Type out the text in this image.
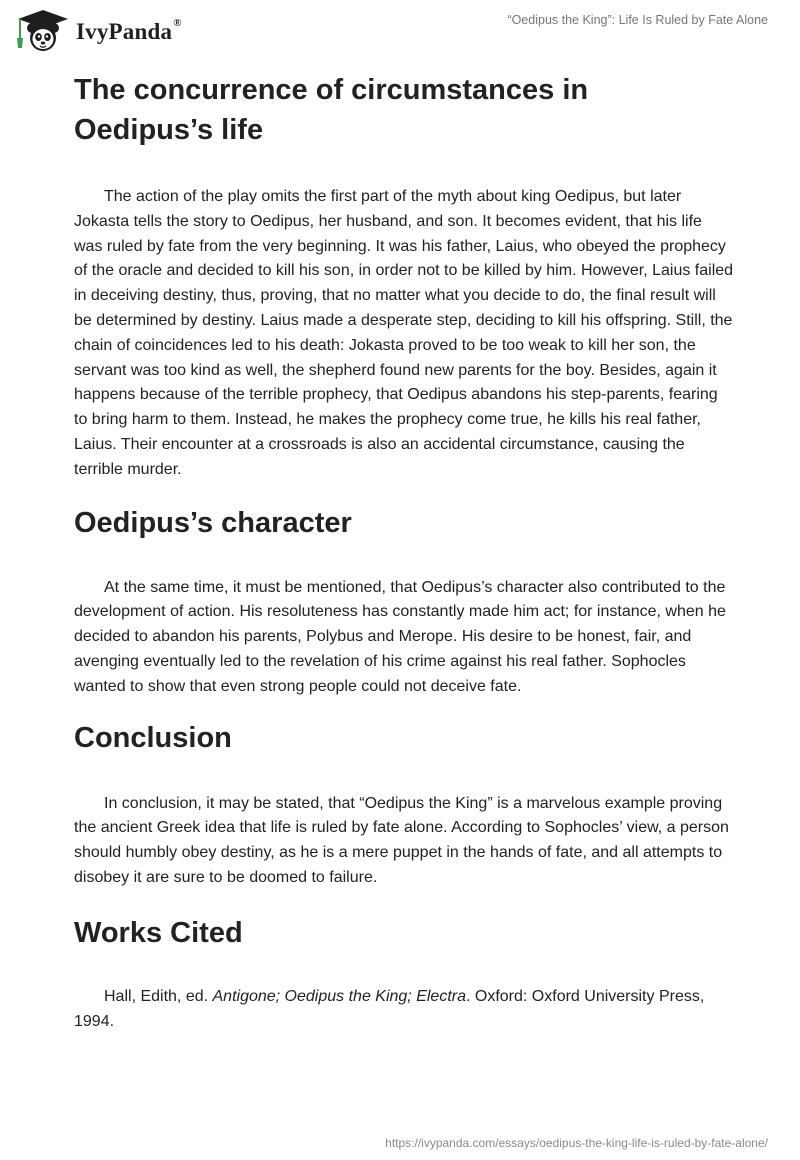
IvyPanda®	“Oedipus the King”: Life Is Ruled by Fate Alone
The concurrence of circumstances in
Oedipus’s life

The action of the play omits the first part of the myth about king Oedipus, but later Jokasta tells the story to Oedipus, her husband, and son. It becomes evident, that his life was ruled by fate from the very beginning. It was his father, Laius, who obeyed the prophecy of the oracle and decided to kill his son, in order not to be killed by him. However, Laius failed in deceiving destiny, thus, proving, that no matter what you decide to do, the final result will be determined by destiny. Laius made a desperate step, deciding to kill his offspring. Still, the chain of coincidences led to his death: Jokasta proved to be too weak to kill her son, the servant was too kind as well, the shepherd found new parents for the boy. Besides, again it happens because of the terrible prophecy, that Oedipus abandons his step-parents, fearing to bring harm to them. Instead, he makes the prophecy come true, he kills his real father, Laius. Their encounter at a crossroads is also an accidental circumstance, causing the terrible murder.

Oedipus’s character

At the same time, it must be mentioned, that Oedipus’s character also contributed to the development of action. His resoluteness has constantly made him act; for instance, when he decided to abandon his parents, Polybus and Merope. His desire to be honest, fair, and avenging eventually led to the revelation of his crime against his real father. Sophocles wanted to show that even strong people could not deceive fate.

Conclusion

In conclusion, it may be stated, that “Oedipus the King” is a marvelous example proving the ancient Greek idea that life is ruled by fate alone. According to Sophocles’ view, a person should humbly obey destiny, as he is a mere puppet in the hands of fate, and all attempts to disobey it are sure to be doomed to failure.

Works Cited

Hall, Edith, ed. Antigone; Oedipus the King; Electra. Oxford: Oxford University Press, 1994.

https://ivypanda.com/essays/oedipus-the-king-life-is-ruled-by-fate-alone/
